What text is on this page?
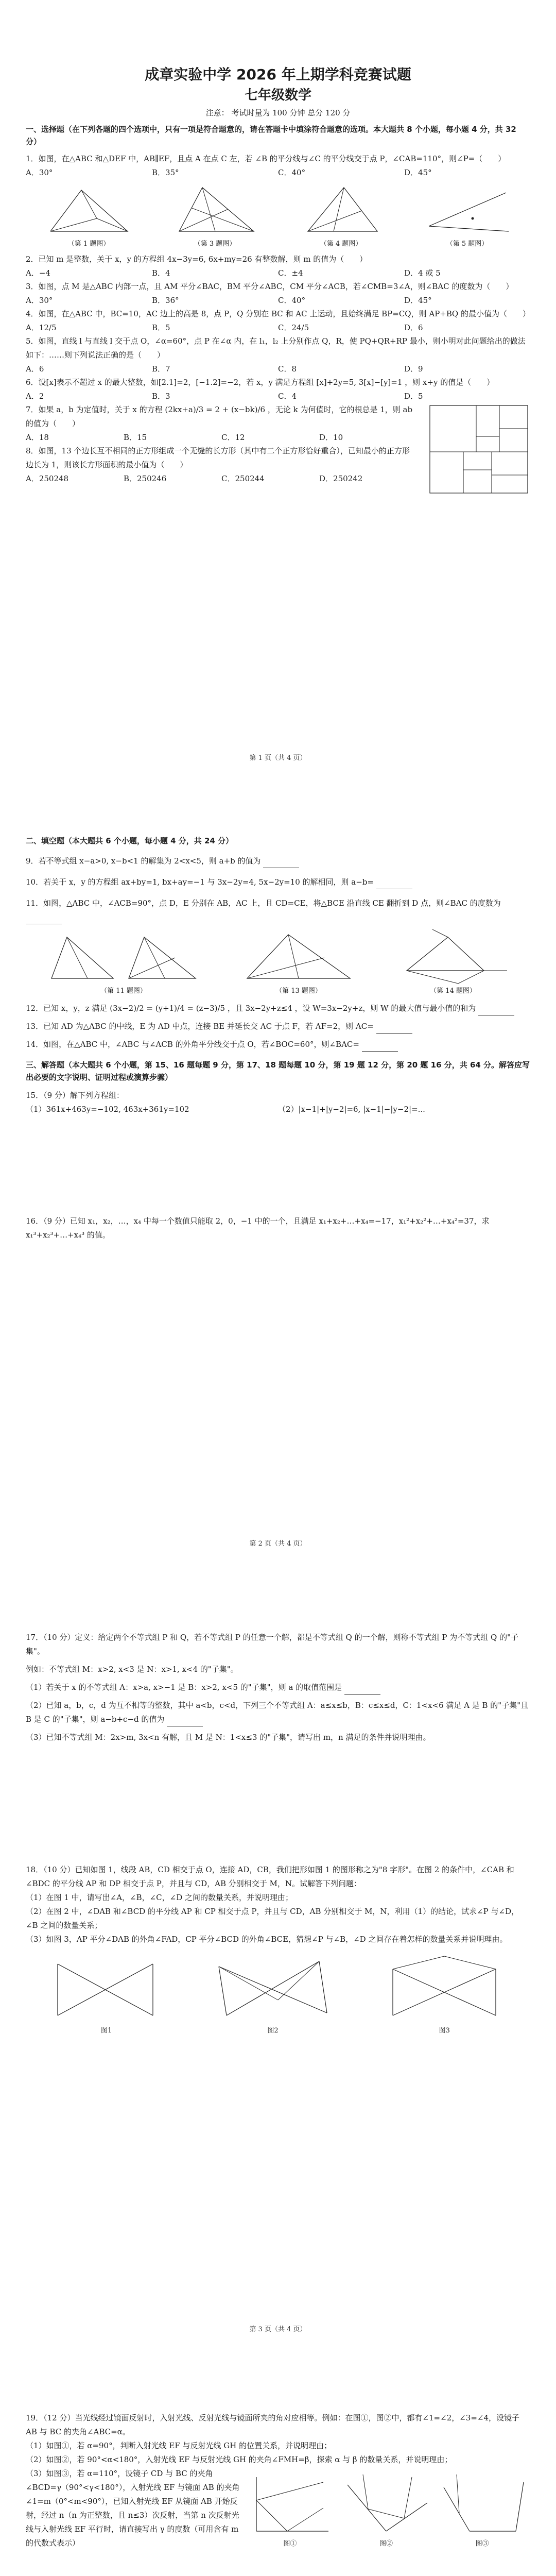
成章实验中学 2026 年上期学科竞赛试题
七年级数学
注意： 考试时量为 100 分钟 总分 120 分
一、选择题（在下列各题的四个选项中，只有一项是符合题意的，请在答题卡中填涂符合题意的选项。本大题共 8 个小题，每小题 4 分，共 32 分）
1．如图，在△ABC 和△DEF 中，AB∥EF，且点 A 在点 C 左，若 ∠B 的平分线与∠C 的平分线交于点 P，∠CAB=110°，则∠P=（　　）
A．30°	B．35°	C．40°	D．45°
（第 1 题图）	（第 3 题图）	（第 4 题图）	（第 5 题图）
2．已知 m 是整数，关于 x，y 的方程组 4x−3y=6, 6x+my=26 有整数解，则 m 的值为（　　）
A．−4	B．4	C．±4	D．4 或 5
3．如图，点 M 是△ABC 内部一点，且 AM 平分∠BAC，BM 平分∠ABC，CM 平分∠ACB，若∠CMB=3∠A，则∠BAC 的度数为（　　）
A．30°	B．36°	C．40°	D．45°
4．如图，在△ABC 中，BC=10，AC 边上的高是 8，点 P，Q 分别在 BC 和 AC 上运动，且始终满足 BP=CQ，则 AP+BQ 的最小值为（　　）
A．12/5	B．5	C．24/5	D．6
5．如图，直线 l 与直线 l 交于点 O，∠α=60°，点 P 在∠α 内，在 l₁，l₂ 上分别作点 Q，R，使 PQ+QR+RP 最小，则小明对此问题给出的做法如下：……则下列说法正确的是（　　）
A．6	B．7	C．8	D．9
6．设[x]表示不超过 x 的最大整数，如[2.1]=2，[−1.2]=−2，若 x，y 满足方程组 [x]+2y=5, 3[x]−[y]=1 ，则 x+y 的值是（　　）
A．2	B．3	C．4	D．5
7．如果 a，b 为定值时，关于 x 的方程 (2kx+a)/3 = 2 + (x−bk)/6 ，无论 k 为何值时，它的根总是 1，则 ab 的值为（　　）
A．18	B．15	C．12	D．10
8．如图，13 个边长互不相同的正方形组成一个无缝的长方形（其中有二个正方形恰好重合），已知最小的正方形边长为 1，则该长方形面积的最小值为（　　）
A．250248	B．250246	C．250244	D．250242
第 1 页（共 4 页）
二、填空题（本大题共 6 个小题，每小题 4 分，共 24 分）
9．若不等式组 x−a>0, x−b<1 的解集为 2<x<5，则 a+b 的值为
10．若关于 x，y 的方程组 ax+by=1, bx+ay=−1 与 3x−2y=4, 5x−2y=10 的解相同，则 a−b=
11．如图，△ABC 中，∠ACB=90°，点 D，E 分别在 AB，AC 上，且 CD=CE，将△BCE 沿直线 CE 翻折到 D 点，则∠BAC 的度数为
（第 11 题图）	（第 13 题图）	（第 14 题图）
12．已知 x，y，z 满足 (3x−2)/2 = (y+1)/4 = (z−3)/5 ，且 3x−2y+z≤4 ，设 W=3x−2y+z，则 W 的最大值与最小值的和为
13．已知 AD 为△ABC 的中线，E 为 AD 中点，连接 BE 并延长交 AC 于点 F，若 AF=2，则 AC=
14．如图，在△ABC 中，∠ABC 与∠ACB 的外角平分线交于点 O，若∠BOC=60°，则∠BAC=
三、解答题（本大题共 6 个小题，第 15、16 题每题 9 分，第 17、18 题每题 10 分，第 19 题 12 分，第 20 题 16 分，共 64 分。解答应写出必要的文字说明、证明过程或演算步骤）
15．（9 分）解下列方程组：
（1）361x+463y=−102, 463x+361y=102	（2）|x−1|+|y−2|=6, |x−1|−|y−2|=...
16．（9 分）已知 x₁，x₂，…，x₄ 中每一个数值只能取 2，0，−1 中的一个，且满足 x₁+x₂+…+x₄=−17，x₁²+x₂²+…+x₄²=37，求 x₁³+x₂³+…+x₄³ 的值。
第 2 页（共 4 页）
17．（10 分）定义：给定两个不等式组 P 和 Q，若不等式组 P 的任意一个解，都是不等式组 Q 的一个解，则称不等式组 P 为不等式组 Q 的"子集"。
例如：不等式组 M：x>2, x<3 是 N：x>1, x<4 的"子集"。
（1）若关于 x 的不等式组 A：x>a, x>−1 是 B：x>2, x<5 的"子集"，则 a 的取值范围是
（2）已知 a，b，c，d 为互不相等的整数，其中 a<b，c<d，下列三个不等式组 A：a≤x≤b，B：c≤x≤d，C：1<x<6 满足 A 是 B 的"子集"且 B 是 C 的"子集"，则 a−b+c−d 的值为
（3）已知不等式组 M：2x>m, 3x<n 有解，且 M 是 N：1<x≤3 的"子集"，请写出 m，n 满足的条件并说明理由。
18．（10 分）已知如图 1，线段 AB，CD 相交于点 O，连接 AD，CB，我们把形如图 1 的图形称之为"8 字形"。在图 2 的条件中，∠CAB 和∠BDC 的平分线 AP 和 DP 相交于点 P，并且与 CD，AB 分别相交于 M，N。试解答下列问题：
（1）在图 1 中，请写出∠A，∠B，∠C，∠D 之间的数量关系，并说明理由；
（2）在图 2 中，∠DAB 和∠BCD 的平分线 AP 和 CP 相交于点 P，并且与 CD，AB 分别相交于 M，N，利用（1）的结论，试求∠P 与∠D，∠B 之间的数量关系；
（3）如图 3，AP 平分∠DAB 的外角∠FAD，CP 平分∠BCD 的外角∠BCE，猜想∠P 与∠B，∠D 之间存在着怎样的数量关系并说明理由。
图1	图2	图3
第 3 页（共 4 页）
19．（12 分）当光线经过镜面反射时，入射光线、反射光线与镜面所夹的角对应相等。例如：在图①，图②中，都有∠1=∠2，∠3=∠4，设镜子 AB 与 BC 的夹角∠ABC=α。
（1）如图①，若 α=90°，判断入射光线 EF 与反射光线 GH 的位置关系，并说明理由；
（2）如图②，若 90°<α<180°，入射光线 EF 与反射光线 GH 的夹角∠FMH=β，探索 α 与 β 的数量关系，并说明理由；
（3）如图③，若 α=110°，设镜子 CD 与 BC 的夹角∠BCD=γ（90°<γ<180°），入射光线 EF 与镜面 AB 的夹角∠1=m（0°<m<90°），已知入射光线 EF 从镜面 AB 开始反射，经过 n（n 为正整数，且 n≤3）次反射，当第 n 次反射光线与入射光线 EF 平行时，请直接写出 γ 的度数（可用含有 m 的代数式表示）	图①	图②	图③
